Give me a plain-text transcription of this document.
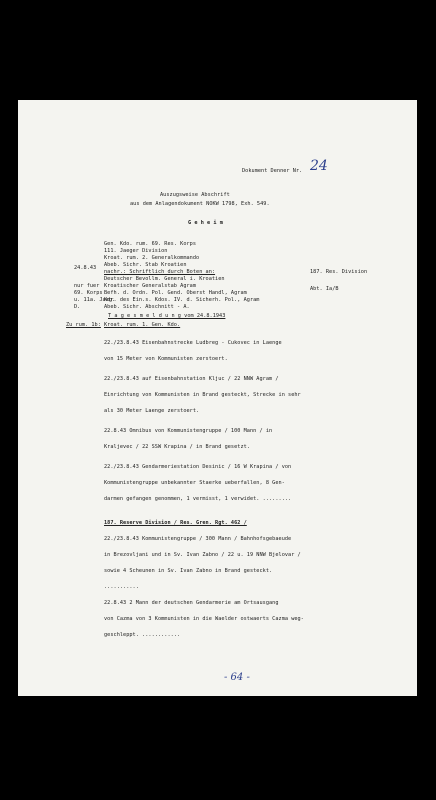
Dokument Denner Nr. 24
Auszugsweise Abschrift
aus dem Anlagendokument NOKW 1798, Exh. 549.
G e h e i m
Gen. Kdo. rum. 69. Res. Korps
111. Jaeger Division
Kroat. rum. 2. Generalkommando
Abeb. Sichr. Stab Kroatien
nachr.: Schriftlich durch Boten an:
Deutscher Bevollm. General i. Kroatien
Kroatischer Generalstab Agram
Befh. d. Ordn. Pol. Gend. Oberst Handl, Agram
Kdr. des Ein.s. Kdos. IV. d. Sicherh. Pol., Agram
Abeb. Sichr. Abschnitt - A.
24.8.43
nur fuer
69. Korps
u. 11a. Jaeg.
D.
187. Res. Division
Abt. Ia/B
T a g e s m e l d u n g vom 24.8.1943
Zu rum. 1b: Kroat. rum. 1. Gen. Kdo.
22./23.8.43 Eisenbahnstrecke Ludbreg - Cukovec in Laenge
von 15 Meter von Kommunisten zerstoert.
22./23.8.43 auf Eisenbahnstation Kljuc / 22 NNW Agram /
Einrichtung von Kommunisten in Brand gesteckt, Strecke in sehr
als 30 Meter Laenge zerstoert.
22.8.43 Omnibus von Kommunistengruppe / 100 Mann / in
Kraljevec / 22 SSW Krapina / in Brand gesetzt.
22./23.8.43 Gendarmeriestation Desinic / 16 W Krapina / von
Kommunistengruppe unbekannter Staerke ueberfallen, 8 Gen-
darmen gefangen genommen, 1 vermisst, 1 verwidet. .........
187. Reserve Division / Res. Gren. Rgt. 462 /
22./23.8.43 Kommunistengruppe / 300 Mann / Bahnhofsgebaeude
in Brezovljani und in Sv. Ivan Zabno / 22 u. 19 NNW Bjelovar /
sowie 4 Scheunen in Sv. Ivan Zabno in Brand gesteckt.
...........
22.8.43 2 Mann der deutschen Gendarmerie am Ortsausgang
von Cazma von 3 Kommunisten in die Waelder ostwaerts Cazma weg-
geschleppt. ............
- 64 -
